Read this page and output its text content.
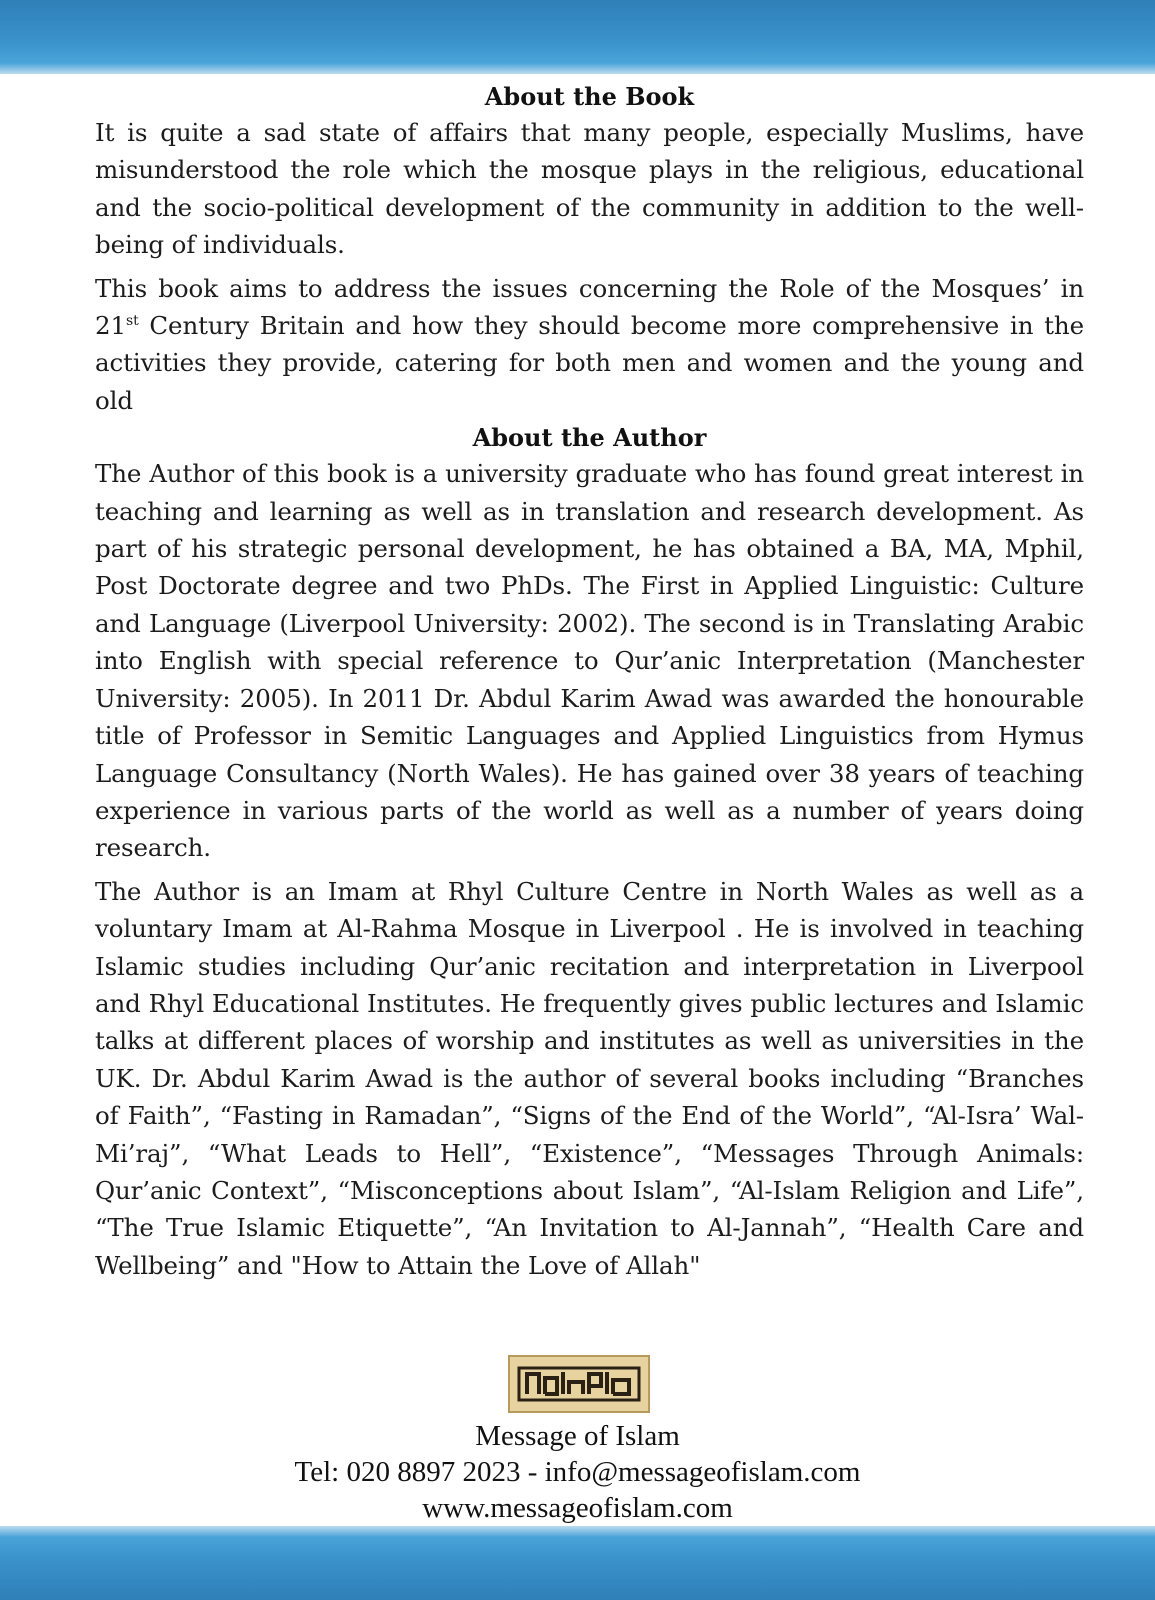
About the Book

It is quite a sad state of affairs that many people, especially Muslims, have misunderstood the role which the mosque plays in the religious, educational and the socio-political development of the community in addition to the well-being of individuals.

This book aims to address the issues concerning the Role of the Mosques’ in 21st Century Britain and how they should become more comprehensive in the activities they provide, catering for both men and women and the young and old

About the Author

The Author of this book is a university graduate who has found great interest in teaching and learning as well as in translation and research development. As part of his strategic personal development, he has obtained a BA, MA, Mphil, Post Doctorate degree and two PhDs. The First in Applied Linguistic: Culture and Language (Liverpool University: 2002). The second is in Translating Arabic into English with special reference to Qur’anic Interpretation (Manchester University: 2005). In 2011 Dr. Abdul Karim Awad was awarded the honourable title of Professor in Semitic Languages and Applied Linguistics from Hymus Language Consultancy (North Wales). He has gained over 38 years of teaching experience in various parts of the world as well as a number of years doing research.

The Author is an Imam at Rhyl Culture Centre in North Wales as well as a voluntary Imam at Al-Rahma Mosque in Liverpool . He is involved in teaching Islamic studies including Qur’anic recitation and interpretation in Liverpool and Rhyl Educational Institutes. He frequently gives public lectures and Islamic talks at different places of worship and institutes as well as universities in the UK. Dr. Abdul Karim Awad is the author of several books including “Branches of Faith”, “Fasting in Ramadan”, “Signs of the End of the World”, “Al-Isra’ Wal-Mi’raj”, “What Leads to Hell”, “Existence”, “Messages Through Animals: Qur’anic Context”, “Misconceptions about Islam”, “Al-Islam Religion and Life”, “The True Islamic Etiquette”, “An Invitation to Al-Jannah”, “Health Care and Wellbeing” and "How to Attain the Love of Allah"

Message of Islam
Tel: 020 8897 2023 - info@messageofislam.com
www.messageofislam.com
